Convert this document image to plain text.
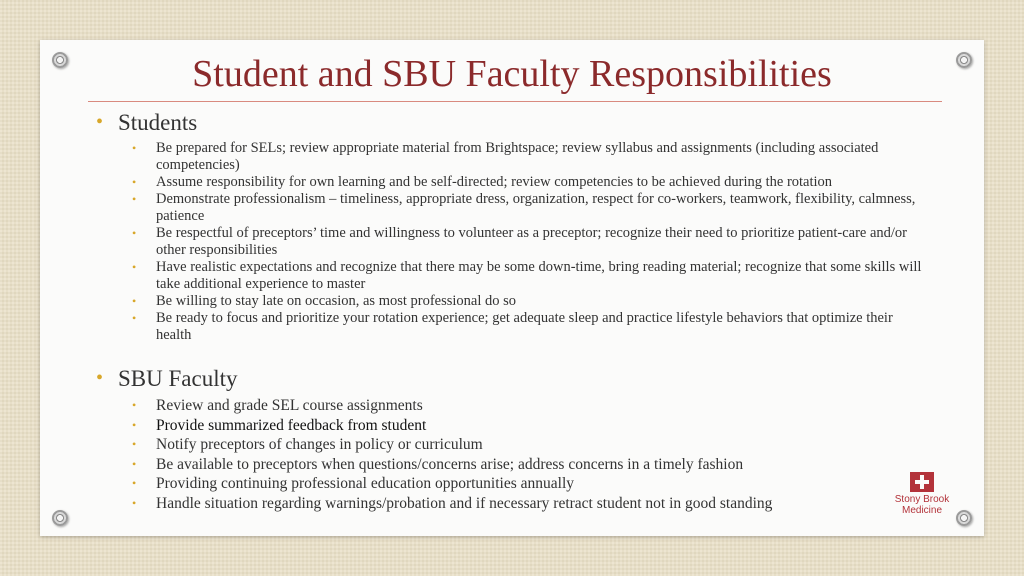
Student and SBU Faculty Responsibilities
• Students
• Be prepared for SELs; review appropriate material from Brightspace; review syllabus and assignments (including associated competencies)
• Assume responsibility for own learning and be self-directed; review competencies to be achieved during the rotation
• Demonstrate professionalism – timeliness, appropriate dress, organization, respect for co-workers, teamwork, flexibility, calmness, patience
• Be respectful of preceptors’ time and willingness to volunteer as a preceptor; recognize their need to prioritize patient-care and/or other responsibilities
• Have realistic expectations and recognize that there may be some down-time, bring reading material; recognize that some skills will take additional experience to master
• Be willing to stay late on occasion, as most professional do so
• Be ready to focus and prioritize your rotation experience; get adequate sleep and practice lifestyle behaviors that optimize their health
• SBU Faculty
• Review and grade SEL course assignments
• Provide summarized feedback from student
• Notify preceptors of changes in policy or curriculum
• Be available to preceptors when questions/concerns arise; address concerns in a timely fashion
• Providing continuing professional education opportunities annually
• Handle situation regarding warnings/probation and if necessary retract student not in good standing	Stony Brook
Medicine
